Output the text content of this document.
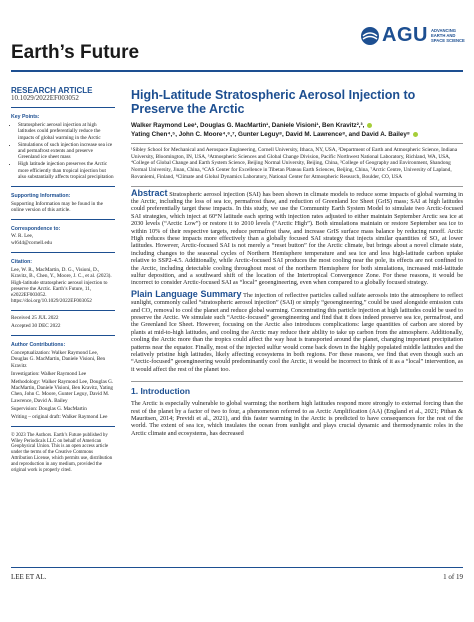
AGU ADVANCING
EARTH AND
SPACE SCIENCE
Earth’s Future
RESEARCH ARTICLE
10.1029/2022EF003052
Key Points:
• Stratospheric aerosol injection at high latitudes could preferentially reduce the impacts of global warming in the Arctic
• Simulations of such injection increase sea ice and permafrost extents and preserve Greenland ice sheet mass
• High latitude injection preserves the Arctic more efficiently than tropical injection but also substantially affects tropical precipitation
Supporting Information:

Supporting Information may be found in the online version of this article.

Correspondence to:

W. R. Lee,

wl644@cornell.edu

Citation:

Lee, W. R., MacMartin, D. G., Visioni, D., Kravitz, B., Chen, Y., Moore, J. C., et al. (2023). High-latitude stratospheric aerosol injection to preserve the Arctic. Earth’s Future, 11, e2022EF003052. https://doi.org/10.1029/2022EF003052

Received 25 JUL 2022

Accepted 30 DEC 2022

Author Contributions:

Conceptualization: Walker Raymond Lee, Douglas G. MacMartin, Daniele Visioni, Ben Kravitz

Investigation: Walker Raymond Lee

Methodology: Walker Raymond Lee, Douglas G. MacMartin, Daniele Visioni, Ben Kravitz, Yating Chen, John C. Moore, Gunter Leguy, David M. Lawrence, David A. Bailey

Supervision: Douglas G. MacMartin

Writing – original draft: Walker Raymond Lee

© 2023 The Authors. Earth’s Future published by Wiley Periodicals LLC on behalf of American Geophysical Union. This is an open access article under the terms of the Creative Commons Attribution License, which permits use, distribution and reproduction in any medium, provided the original work is properly cited.
High-Latitude Stratospheric Aerosol Injection to Preserve the Arctic
Walker Raymond Lee¹, Douglas G. MacMartin¹, Daniele Visioni¹, Ben Kravitz²,³,
Yating Chen⁴,⁵, John C. Moore⁴,⁶,⁷, Gunter Leguy⁸, David M. Lawrence⁸, and David A. Bailey⁸
¹Sibley School for Mechanical and Aerospace Engineering, Cornell University, Ithaca, NY, USA, ²Department of Earth and Atmospheric Science, Indiana University, Bloomington, IN, USA, ³Atmospheric Sciences and Global Change Division, Pacific Northwest National Laboratory, Richland, WA, USA, ⁴College of Global Change and Earth System Science, Beijing Normal University, Beijing, China, ⁵College of Geography and Environment, Shandong Normal University, Jinan, China, ⁶CAS Center for Excellence in Tibetan Plateau Earth Sciences, Beijing, China, ⁷Arctic Centre, University of Lapland, Rovaniemi, Finland, ⁸Climate and Global Dynamics Laboratory, National Center for Atmospheric Research, Boulder, CO, USA
Abstract Stratospheric aerosol injection (SAI) has been shown in climate models to reduce some impacts of global warming in the Arctic, including the loss of sea ice, permafrost thaw, and reduction of Greenland Ice Sheet (GrIS) mass; SAI at high latitudes could preferentially target these impacts. In this study, we use the Community Earth System Model to simulate two Arctic-focused SAI strategies, which inject at 60°N latitude each spring with injection rates adjusted to either maintain September Arctic sea ice at 2030 levels (“Arctic Low”) or restore it to 2010 levels (“Arctic High”). Both simulations maintain or restore September sea ice to within 10% of their respective targets, reduce permafrost thaw, and increase GrIS surface mass balance by reducing runoff. Arctic High reduces these impacts more effectively than a globally focused SAI strategy that injects similar quantities of SO₂ at lower latitudes. However, Arctic-focused SAI is not merely a “reset button” for the Arctic climate, but brings about a novel climate state, including changes to the seasonal cycles of Northern Hemisphere temperature and sea ice and less high-latitude carbon uptake relative to SSP2-4.5. Additionally, while Arctic-focused SAI produces the most cooling near the pole, its effects are not confined to the Arctic, including detectable cooling throughout most of the northern Hemisphere for both simulations, increased mid-latitude sulfur deposition, and a southward shift of the location of the Intertropical Convergence Zone. For these reasons, it would be incorrect to consider Arctic-focused SAI as “local” geoengineering, even when compared to a globally focused strategy.
Plain Language Summary The injection of reflective particles called sulfate aerosols into the atmosphere to reflect sunlight, commonly called “stratospheric aerosol injection” (SAI) or simply “geoengineering,” could be used alongside emission cuts and CO₂ removal to cool the planet and reduce global warming. Concentrating this particle injection at high latitudes could be used to preserve the Arctic. We simulate such “Arctic-focused” geoengineering and find that it does indeed preserve sea ice, permafrost, and the Greenland Ice Sheet. However, focusing on the Arctic also introduces complications: large quantities of carbon are stored by plants at mid-to-high latitudes, and cooling the Arctic may reduce their ability to take up carbon from the atmosphere. Additionally, cooling the Arctic more than the tropics could affect the way heat is transported around the planet, changing important precipitation patterns near the equator. Finally, most of the injected sulfur would come back down in the highly populated middle latitudes and the relatively pristine high latitudes, likely affecting ecosystems in both regions. For these reasons, we find that even though such an “Arctic-focused” geoengineering would predominantly cool the Arctic, it would be incorrect to think of it as a “local” intervention, as it would affect the rest of the planet too.
1. Introduction
The Arctic is especially vulnerable to global warming; the northern high latitudes respond more strongly to external forcing than the rest of the planet by a factor of two to four, a phenomenon referred to as Arctic Amplification (AA) (England et al., 2021; Pithan & Mauritsen, 2014; Previdi et al., 2021), and this faster warming in the Arctic is predicted to have consequences for the rest of the world. The extent of sea ice, which insulates the ocean from sunlight and plays crucial dynamic and thermodynamic roles in the Arctic climate and ecosystems, has decreased
LEE ET AL.	1 of 19
